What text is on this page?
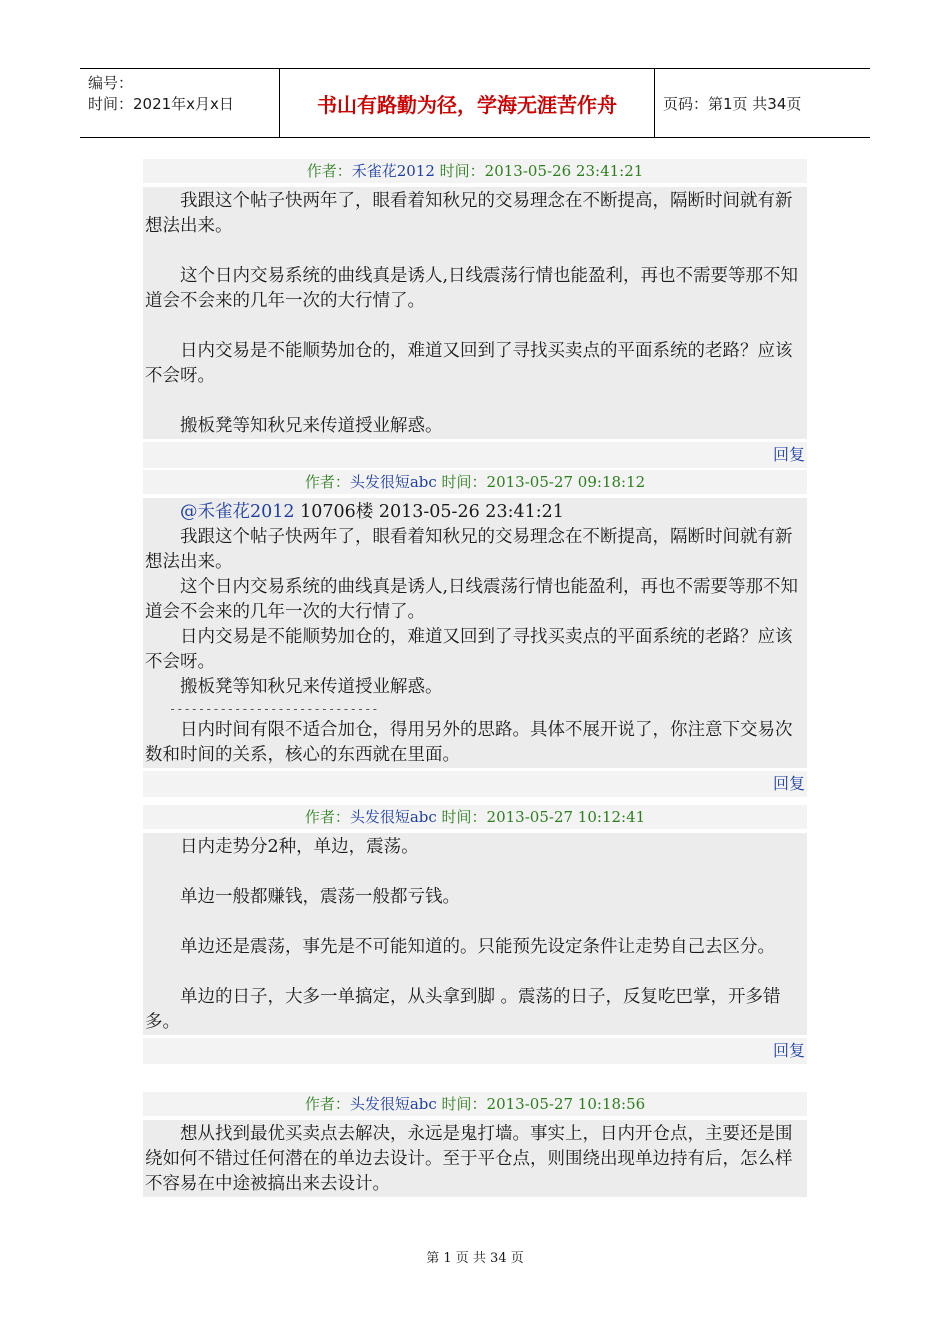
编号：
时间：2021年x月x日	书山有路勤为径，学海无涯苦作舟	页码：第1页 共34页
作者：禾雀花2012 时间：2013-05-26 23:41:21

我跟这个帖子快两年了，眼看着知秋兄的交易理念在不断提高，隔断时间就有新想法出来。

这个日内交易系统的曲线真是诱人,日线震荡行情也能盈利，再也不需要等那不知道会不会来的几年一次的大行情了。

日内交易是不能顺势加仓的，难道又回到了寻找买卖点的平面系统的老路？应该不会呀。

搬板凳等知秋兄来传道授业解惑。

回复
作者：头发很短abc 时间：2013-05-27 09:18:12

@禾雀花2012 10706楼 2013-05-26 23:41:21

我跟这个帖子快两年了，眼看着知秋兄的交易理念在不断提高，隔断时间就有新想法出来。

这个日内交易系统的曲线真是诱人,日线震荡行情也能盈利，再也不需要等那不知道会不会来的几年一次的大行情了。

日内交易是不能顺势加仓的，难道又回到了寻找买卖点的平面系统的老路？应该不会呀。

搬板凳等知秋兄来传道授业解惑。

-----------------------------

日内时间有限不适合加仓，得用另外的思路。具体不展开说了，你注意下交易次数和时间的关系，核心的东西就在里面。

回复
作者：头发很短abc 时间：2013-05-27 10:12:41

日内走势分2种，单边，震荡。

单边一般都赚钱，震荡一般都亏钱。

单边还是震荡，事先是不可能知道的。只能预先设定条件让走势自己去区分。

单边的日子，大多一单搞定，从头拿到脚 。震荡的日子，反复吃巴掌，开多错多。

回复
作者：头发很短abc 时间：2013-05-27 10:18:56

想从找到最优买卖点去解决，永远是鬼打墙。事实上，日内开仓点，主要还是围绕如何不错过任何潜在的单边去设计。至于平仓点，则围绕出现单边持有后，怎么样不容易在中途被搞出来去设计。

第 1 页 共 34 页
